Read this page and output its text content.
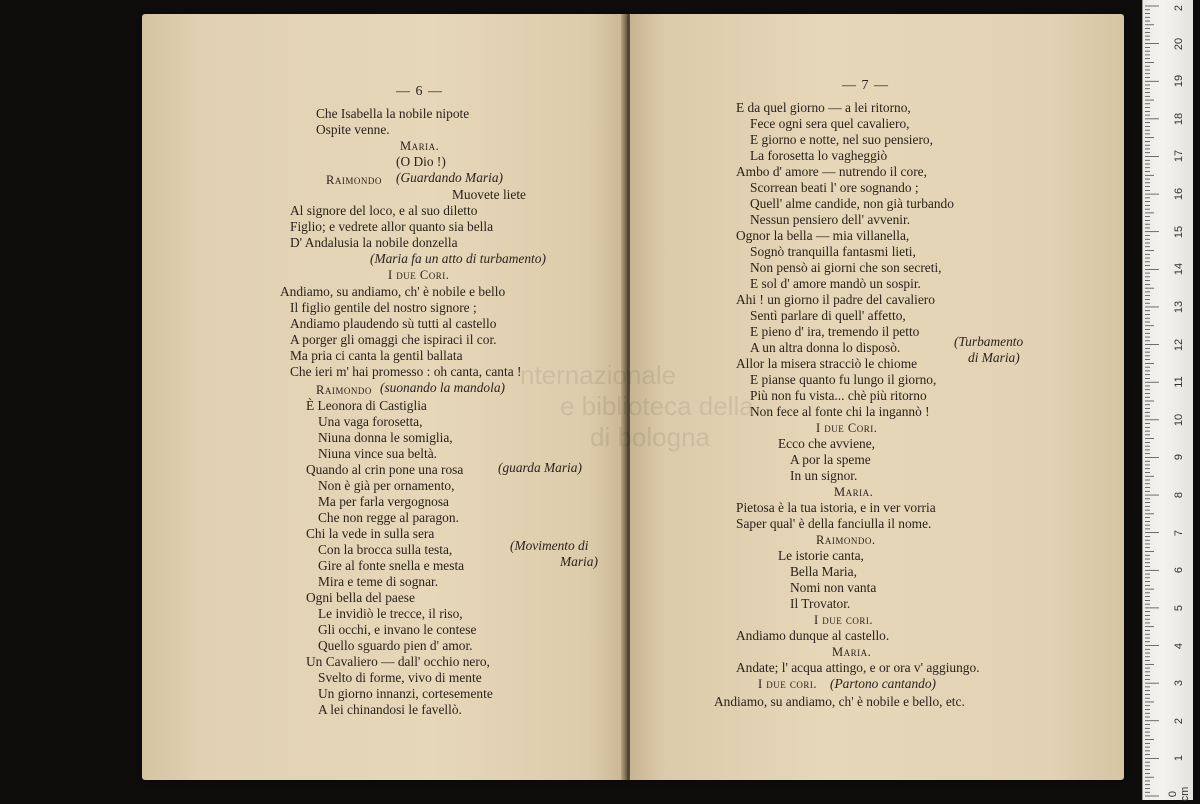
— 6 —
Che Isabella la nobile nipote
Ospite venne.
Maria.
(O Dio !)
Raimondo (Guardando Maria)
Muovete liete
Al signore del loco, e al suo diletto
Figlio; e vedrete allor quanto sia bella
D' Andalusia la nobile donzella
(Maria fa un atto di turbamento)
I due Cori.
Andiamo, su andiamo, ch' è nobile e bello
Il figlio gentile del nostro signore ;
Andiamo plaudendo sù tutti al castello
A porger gli omaggi che ispiraci il cor.
Ma pria ci canta la gentil ballata
Che ieri m' hai promesso : oh canta, canta !
Raimondo (suonando la mandola)
È Leonora di Castiglia
Una vaga forosetta,
Niuna donna le somiglia,
Niuna vince sua beltà.
Quando al crin pone una rosa	(guarda Maria)
Non è già per ornamento,
Ma per farla vergognosa
Che non regge al paragon.
Chi la vede in sulla sera
Con la brocca sulla testa,	(Movimento di
Maria)
Gire al fonte snella e mesta
Mira e teme di sognar.
Ogni bella del paese
Le invidiò le trecce, il riso,
Gli occhi, e invano le contese
Quello sguardo pien d' amor.
Un Cavaliero — dall' occhio nero,
Svelto di forme, vivo di mente
Un giorno innanzi, cortesemente
A lei chinandosi le favellò.
— 7 —
E da quel giorno — a lei ritorno,
Fece ogni sera quel cavaliero,
E giorno e notte, nel suo pensiero,
La forosetta lo vagheggiò
Ambo d' amore — nutrendo il core,
Scorrean beati l' ore sognando ;
Quell' alme candide, non già turbando
Nessun pensiero dell' avvenir.
Ognor la bella — mia villanella,
Sognò tranquilla fantasmi lieti,
Non pensò ai giorni che son secreti,
E sol d' amore mandò un sospir.
Ahi ! un giorno il padre del cavaliero
Sentì parlare di quell' affetto,
E pieno d' ira, tremendo il petto
A un altra donna lo disposò.	(Turbamento
Allor la misera stracciò le chiome	di Maria)
E pianse quanto fu lungo il giorno,
Più non fu vista... chè più ritorno
Non fece al fonte chi la ingannò !
I due Cori.
Ecco che avviene,
A por la speme
In un signor.
Maria.
Pietosa è la tua istoria, e in ver vorria
Saper qual' è della fanciulla il nome.
Raimondo.
Le istorie canta,
Bella Maria,
Nomi non vanta
Il Trovator.
I due cori.
Andiamo dunque al castello.
Maria.
Andate; l' acqua attingo, e or ora v' aggiungo.
I due cori. (Partono cantando)
Andiamo, su andiamo, ch' è nobile e bello, etc.
2
20
19
18
17
16
15
14
13
12
11
10
9
8
7
6
5
4
3
2
1
0 cm
